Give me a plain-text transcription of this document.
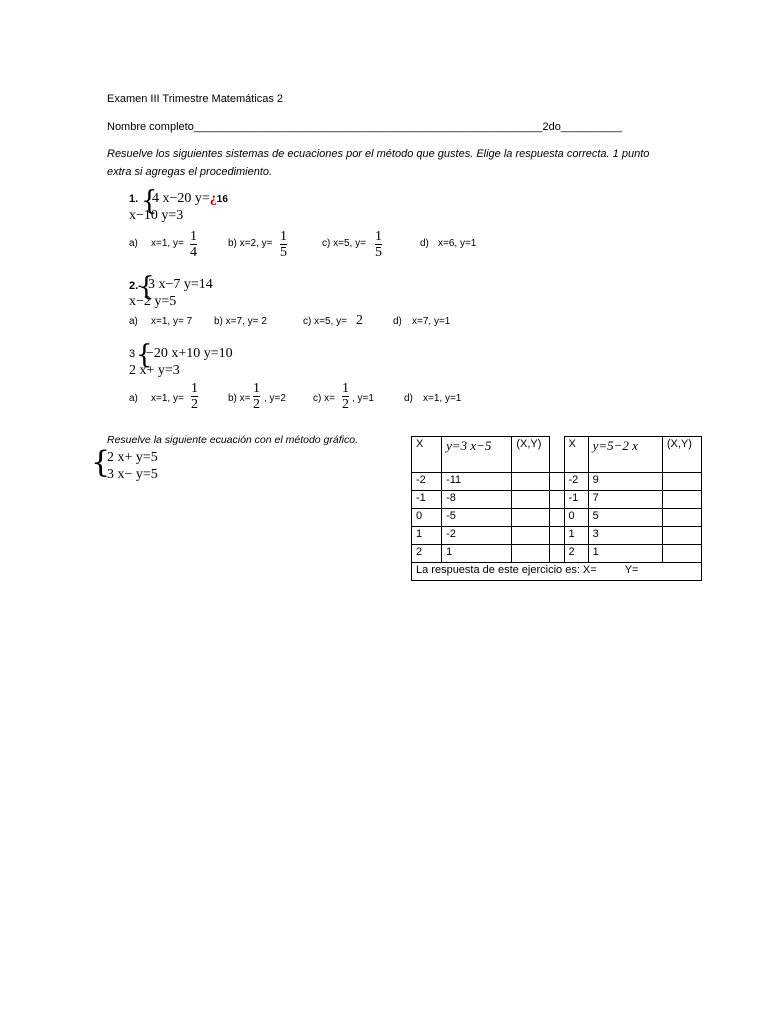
Examen III Trimestre Matemáticas 2
Nombre completo_________________________________________________________2do__________
Resuelve los siguientes sistemas de ecuaciones por el método que gustes. Elige la respuesta correcta. 1 punto
extra si agregas el procedimiento.
1. {
4 x−20 y=¿16
x−10 y=3
a) x=1, y= 1
4
b) x=2, y= 1
5
c) x=5, y= 1
5
d) x=6, y=1
2.-
{
3 x−7 y=14
x−2 y=5
a) x=1, y= 7 b) x=7, y= 2	c) x=5, y= 2	d) x=7, y=1
3 {
−20 x+10 y=10
2 x+ y=3
a) x=1, y=
1
2	b) x=
1
2 , y=2	c) x=
1
2 , y=1	d) x=1, y=1
Resuelve la siguiente ecuación con el método gráfico.
{
2 x+ y=5
3 x− y=5
X	y=3 x−5	(X,Y)		X	y=5−2 x	(X,Y)
-2	-11			-2	9	
-1	-8			-1	7	
0	-5			0	5	
1	-2			1	3	
2	1			2	1	
La respuesta de este ejercicio es: X= Y=						
